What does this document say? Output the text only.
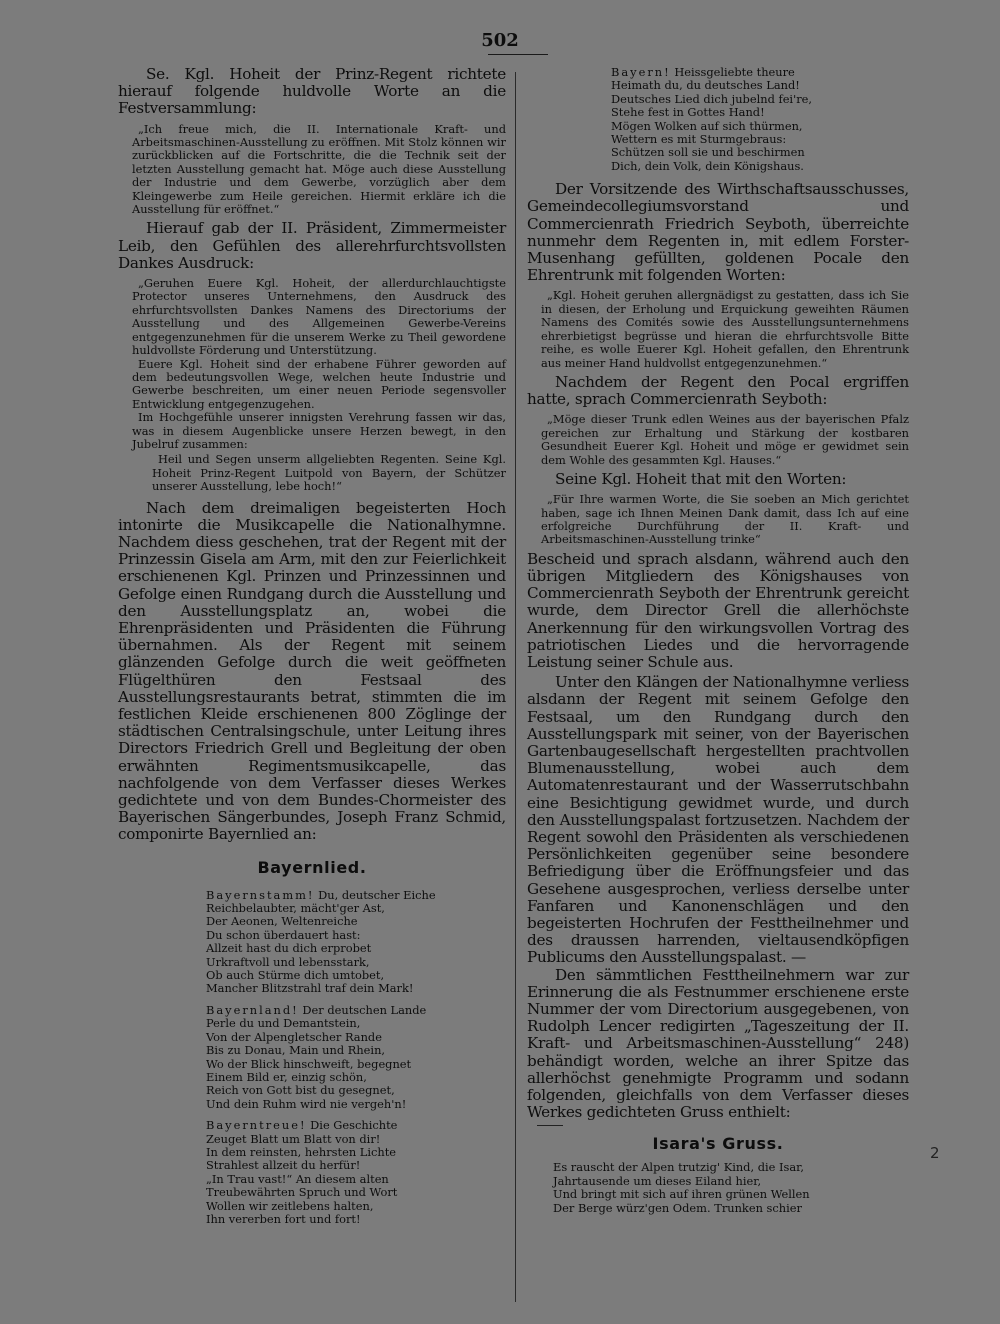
502

Se. Kgl. Hoheit der Prinz-Regent richtete hierauf folgende huldvolle Worte an die Festversammlung:

„Ich freue mich, die II. Internationale Kraft- und Arbeitsmaschinen-Ausstellung zu eröffnen. Mit Stolz können wir zurückblicken auf die Fortschritte, die die Technik seit der letzten Ausstellung gemacht hat. Möge auch diese Ausstellung der Industrie und dem Gewerbe, vorzüglich aber dem Kleingewerbe zum Heile gereichen. Hiermit erkläre ich die Ausstellung für eröffnet.“

Hierauf gab der II. Präsident, Zimmermeister Leib, den Gefühlen des allerehrfurchtsvollsten Dankes Ausdruck:

„Geruhen Euere Kgl. Hoheit, der allerdurchlauchtigste Protector unseres Unternehmens, den Ausdruck des ehrfurchtsvollsten Dankes Namens des Directoriums der Ausstellung und des Allgemeinen Gewerbe-Vereins entgegenzunehmen für die unserem Werke zu Theil gewordene huldvollste Förderung und Unterstützung.

Euere Kgl. Hoheit sind der erhabene Führer geworden auf dem bedeutungsvollen Wege, welchen heute Industrie und Gewerbe beschreiten, um einer neuen Periode segensvoller Entwicklung entgegenzugehen.

Im Hochgefühle unserer innigsten Verehrung fassen wir das, was in diesem Augenblicke unsere Herzen bewegt, in den Jubelruf zusammen:

Heil und Segen unserm allgeliebten Regenten. Seine Kgl. Hoheit Prinz-Regent Luitpold von Bayern, der Schützer unserer Ausstellung, lebe hoch!“

Nach dem dreimaligen begeisterten Hoch intonirte die Musikcapelle die Nationalhymne. Nachdem diess geschehen, trat der Regent mit der Prinzessin Gisela am Arm, mit den zur Feierlichkeit erschienenen Kgl. Prinzen und Prinzessinnen und Gefolge einen Rundgang durch die Ausstellung und den Ausstellungsplatz an, wobei die Ehrenpräsidenten und Präsidenten die Führung übernahmen. Als der Regent mit seinem glänzenden Gefolge durch die weit geöffneten Flügelthüren den Festsaal des Ausstellungsrestaurants betrat, stimmten die im festlichen Kleide erschienenen 800 Zöglinge der städtischen Centralsingschule, unter Leitung ihres Directors Friedrich Grell und Begleitung der oben erwähnten Regimentsmusikcapelle, das nachfolgende von dem Verfasser dieses Werkes gedichtete und von dem Bundes-Chormeister des Bayerischen Sängerbundes, Joseph Franz Schmid, componirte Bayernlied an:

Bayernlied.
Bayernstamm! Du, deutscher Eiche
Reichbelaubter, mächt'ger Ast,
Der Aeonen, Weltenreiche
Du schon überdauert hast:
Allzeit hast du dich erprobet
Urkraftvoll und lebensstark,
Ob auch Stürme dich umtobet,
Mancher Blitzstrahl traf dein Mark!
Bayernland! Der deutschen Lande
Perle du und Demantstein,
Von der Alpengletscher Rande
Bis zu Donau, Main und Rhein,
Wo der Blick hinschweift, begegnet
Einem Bild er, einzig schön,
Reich von Gott bist du gesegnet,
Und dein Ruhm wird nie vergeh'n!
Bayerntreue! Die Geschichte
Zeuget Blatt um Blatt von dir!
In dem reinsten, hehrsten Lichte
Strahlest allzeit du herfür!
„In Trau vast!“ An diesem alten
Treubewährten Spruch und Wort
Wollen wir zeitlebens halten,
Ihn vererben fort und fort!
Bayern! Heissgeliebte theure
Heimath du, du deutsches Land!
Deutsches Lied dich jubelnd fei're,
Stehe fest in Gottes Hand!
Mögen Wolken auf sich thürmen,
Wettern es mit Sturmgebraus:
Schützen soll sie und beschirmen
Dich, dein Volk, dein Königshaus.

Der Vorsitzende des Wirthschaftsausschusses, Gemeindecollegiumsvorstand und Commercienrath Friedrich Seyboth, überreichte nunmehr dem Regenten in, mit edlem Forster-Musenhang gefüllten, goldenen Pocale den Ehrentrunk mit folgenden Worten:

„Kgl. Hoheit geruhen allergnädigst zu gestatten, dass ich Sie in diesen, der Erholung und Erquickung geweihten Räumen Namens des Comités sowie des Ausstellungsunternehmens ehrerbietigst begrüsse und hieran die ehrfurchtsvolle Bitte reihe, es wolle Euerer Kgl. Hoheit gefallen, den Ehrentrunk aus meiner Hand huldvollst entgegenzunehmen.“

Nachdem der Regent den Pocal ergriffen hatte, sprach Commercienrath Seyboth:

„Möge dieser Trunk edlen Weines aus der bayerischen Pfalz gereichen zur Erhaltung und Stärkung der kostbaren Gesundheit Euerer Kgl. Hoheit und möge er gewidmet sein dem Wohle des gesammten Kgl. Hauses.“

Seine Kgl. Hoheit that mit den Worten:

„Für Ihre warmen Worte, die Sie soeben an Mich gerichtet haben, sage ich Ihnen Meinen Dank damit, dass Ich auf eine erfolgreiche Durchführung der II. Kraft- und Arbeitsmaschinen-Ausstellung trinke“

Bescheid und sprach alsdann, während auch den übrigen Mitgliedern des Königshauses von Commercienrath Seyboth der Ehrentrunk gereicht wurde, dem Director Grell die allerhöchste Anerkennung für den wirkungsvollen Vortrag des patriotischen Liedes und die hervorragende Leistung seiner Schule aus.

Unter den Klängen der Nationalhymne verliess alsdann der Regent mit seinem Gefolge den Festsaal, um den Rundgang durch den Ausstellungspark mit seiner, von der Bayerischen Gartenbaugesellschaft hergestellten prachtvollen Blumenausstellung, wobei auch dem Automatenrestaurant und der Wasserrutschbahn eine Besichtigung gewidmet wurde, und durch den Ausstellungspalast fortzusetzen. Nachdem der Regent sowohl den Präsidenten als verschiedenen Persönlichkeiten gegenüber seine besondere Befriedigung über die Eröffnungsfeier und das Gesehene ausgesprochen, verliess derselbe unter Fanfaren und Kanonenschlägen und den begeisterten Hochrufen der Festtheilnehmer und des draussen harrenden, vieltausendköpfigen Publicums den Ausstellungspalast. —

Den sämmtlichen Festtheilnehmern war zur Erinnerung die als Festnummer erschienene erste Nummer der vom Directorium ausgegebenen, von Rudolph Lencer redigirten „Tageszeitung der II. Kraft- und Arbeitsmaschinen-Ausstellung“ 248) behändigt worden, welche an ihrer Spitze das allerhöchst genehmigte Programm und sodann folgenden, gleichfalls von dem Verfasser dieses Werkes gedichteten Gruss enthielt:

Isara's Gruss.
Es rauscht der Alpen trutzig' Kind, die Isar,
Jahrtausende um dieses Eiland hier,
Und bringt mit sich auf ihren grünen Wellen
Der Berge würz'gen Odem. Trunken schier
2
